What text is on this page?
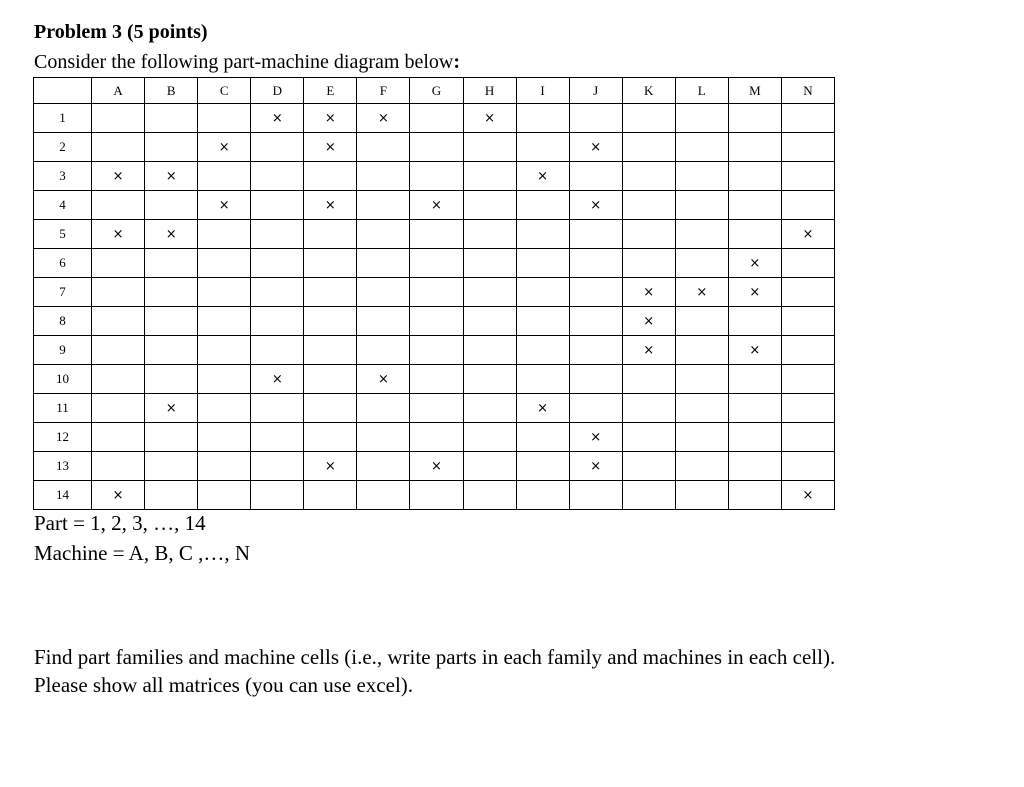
Problem 3 (5 points)
Consider the following part-machine diagram below:
	A	B	C	D	E	F	G	H	I	J	K	L	M	N
1				×	×	×		×						
2			×		×					×				
3	×	×							×					
4			×		×		×			×				
5	×	×												×
6													×	
7											×	×	×	
8											×			
9											×		×	
10				×		×								
11		×							×					
12										×				
13					×		×			×				
14	×													×
Part = 1, 2, 3, …, 14
Machine = A, B, C ,…, N
Find part families and machine cells (i.e., write parts in each family and machines in each cell).
Please show all matrices (you can use excel).
